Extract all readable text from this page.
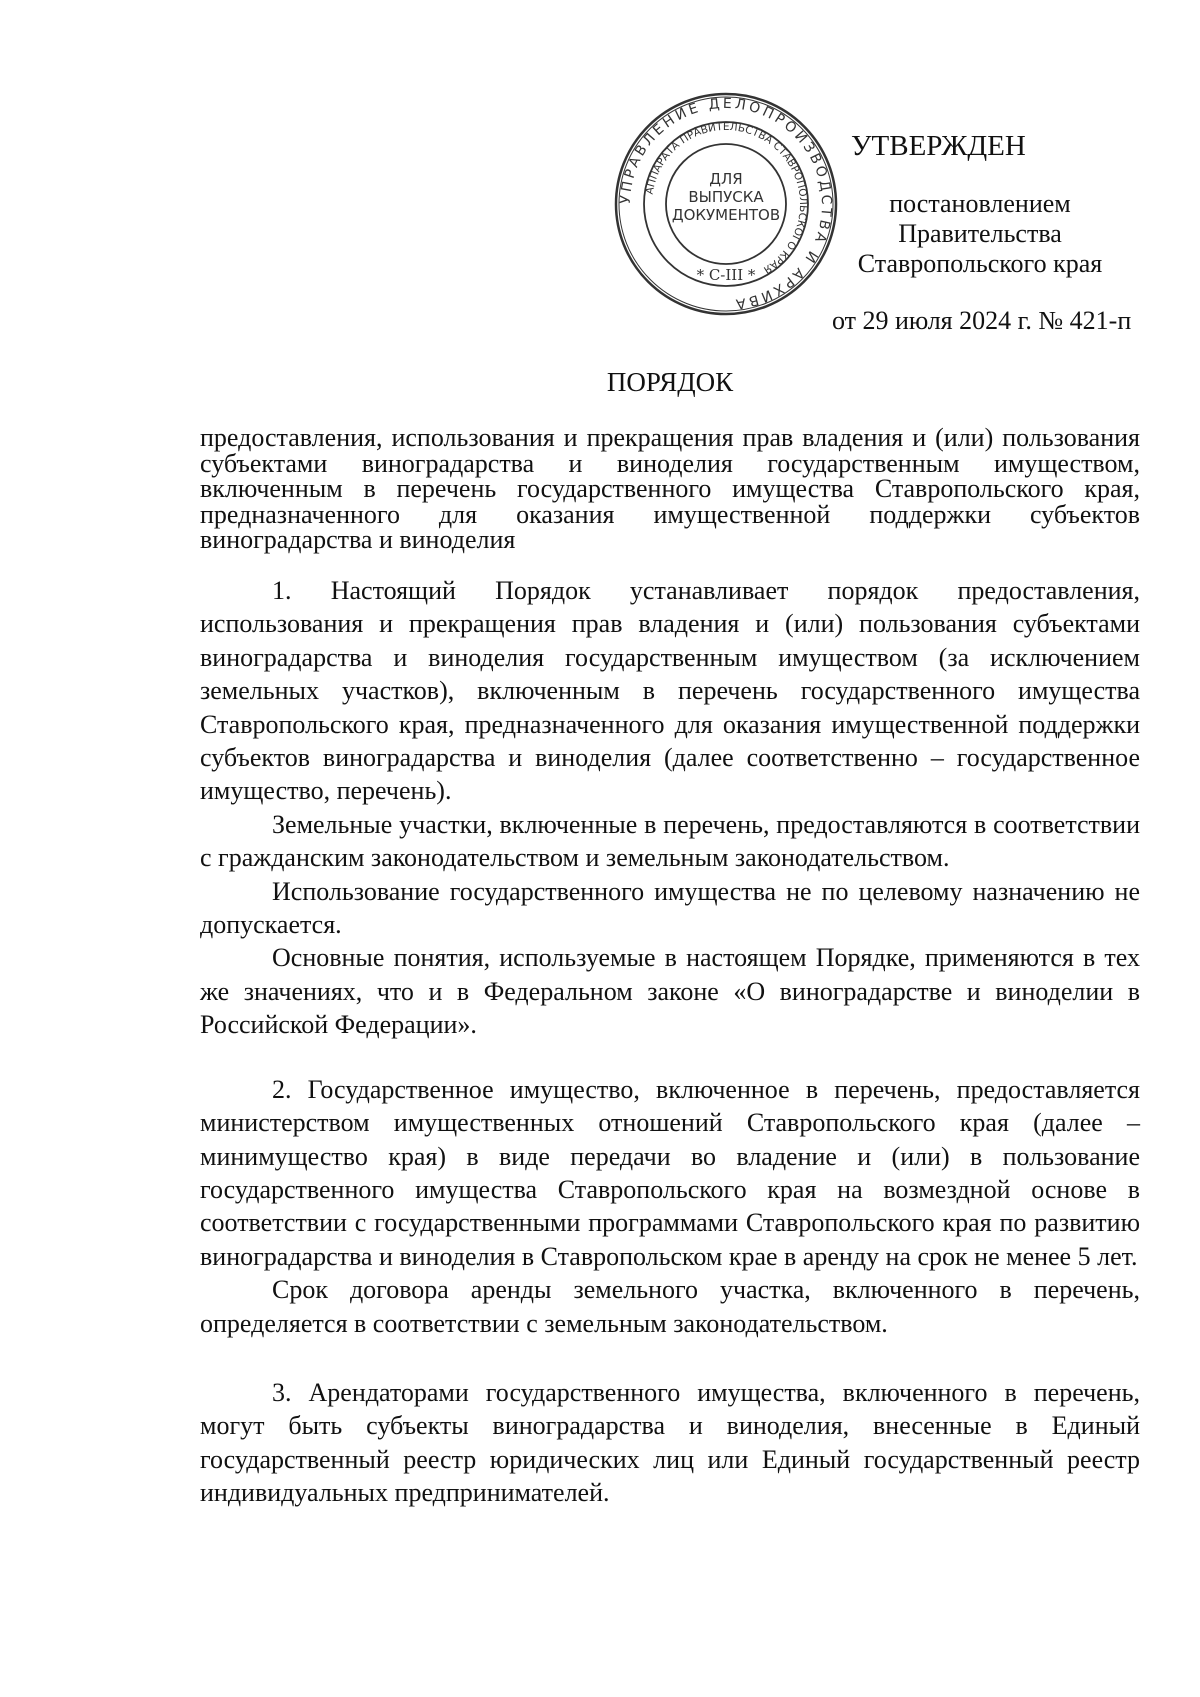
УПРАВЛЕНИЕ ДЕЛОПРОИЗВОДСТВА И АРХИВА
АППАРАТА ПРАВИТЕЛЬСТВА СТАВРОПОЛЬСКОГО КРАЯ
ДЛЯ
ВЫПУСКА
ДОКУМЕНТОВ
* С-III *
УТВЕРЖДЕН
постановлением Правительства
Ставропольского края
от 29 июля 2024 г. № 421-п
ПОРЯДОК
предоставления, использования и прекращения прав владения и (или) пользования субъектами виноградарства и виноделия государственным имуществом, включенным в перечень государственного имущества Ставропольского края, предназначенного для оказания имущественной поддержки субъектов виноградарства и виноделия

1. Настоящий Порядок устанавливает порядок предоставления, использования и прекращения прав владения и (или) пользования субъектами виноградарства и виноделия государственным имуществом (за исключением земельных участков), включенным в перечень государственного имущества Ставропольского края, предназначенного для оказания имущественной поддержки субъектов виноградарства и виноделия (далее соответственно – государственное имущество, перечень).

Земельные участки, включенные в перечень, предоставляются в соответствии с гражданским законодательством и земельным законодательством.

Использование государственного имущества не по целевому назначению не допускается.

Основные понятия, используемые в настоящем Порядке, применяются в тех же значениях, что и в Федеральном законе «О виноградарстве и виноделии в Российской Федерации».

2. Государственное имущество, включенное в перечень, предоставляется министерством имущественных отношений Ставропольского края (далее – минимущество края) в виде передачи во владение и (или) в пользование государственного имущества Ставропольского края на возмездной основе в соответствии с государственными программами Ставропольского края по развитию виноградарства и виноделия в Ставропольском крае в аренду на срок не менее 5 лет.

Срок договора аренды земельного участка, включенного в перечень, определяется в соответствии с земельным законодательством.

3. Арендаторами государственного имущества, включенного в перечень, могут быть субъекты виноградарства и виноделия, внесенные в Единый государственный реестр юридических лиц или Единый государственный реестр индивидуальных предпринимателей.
